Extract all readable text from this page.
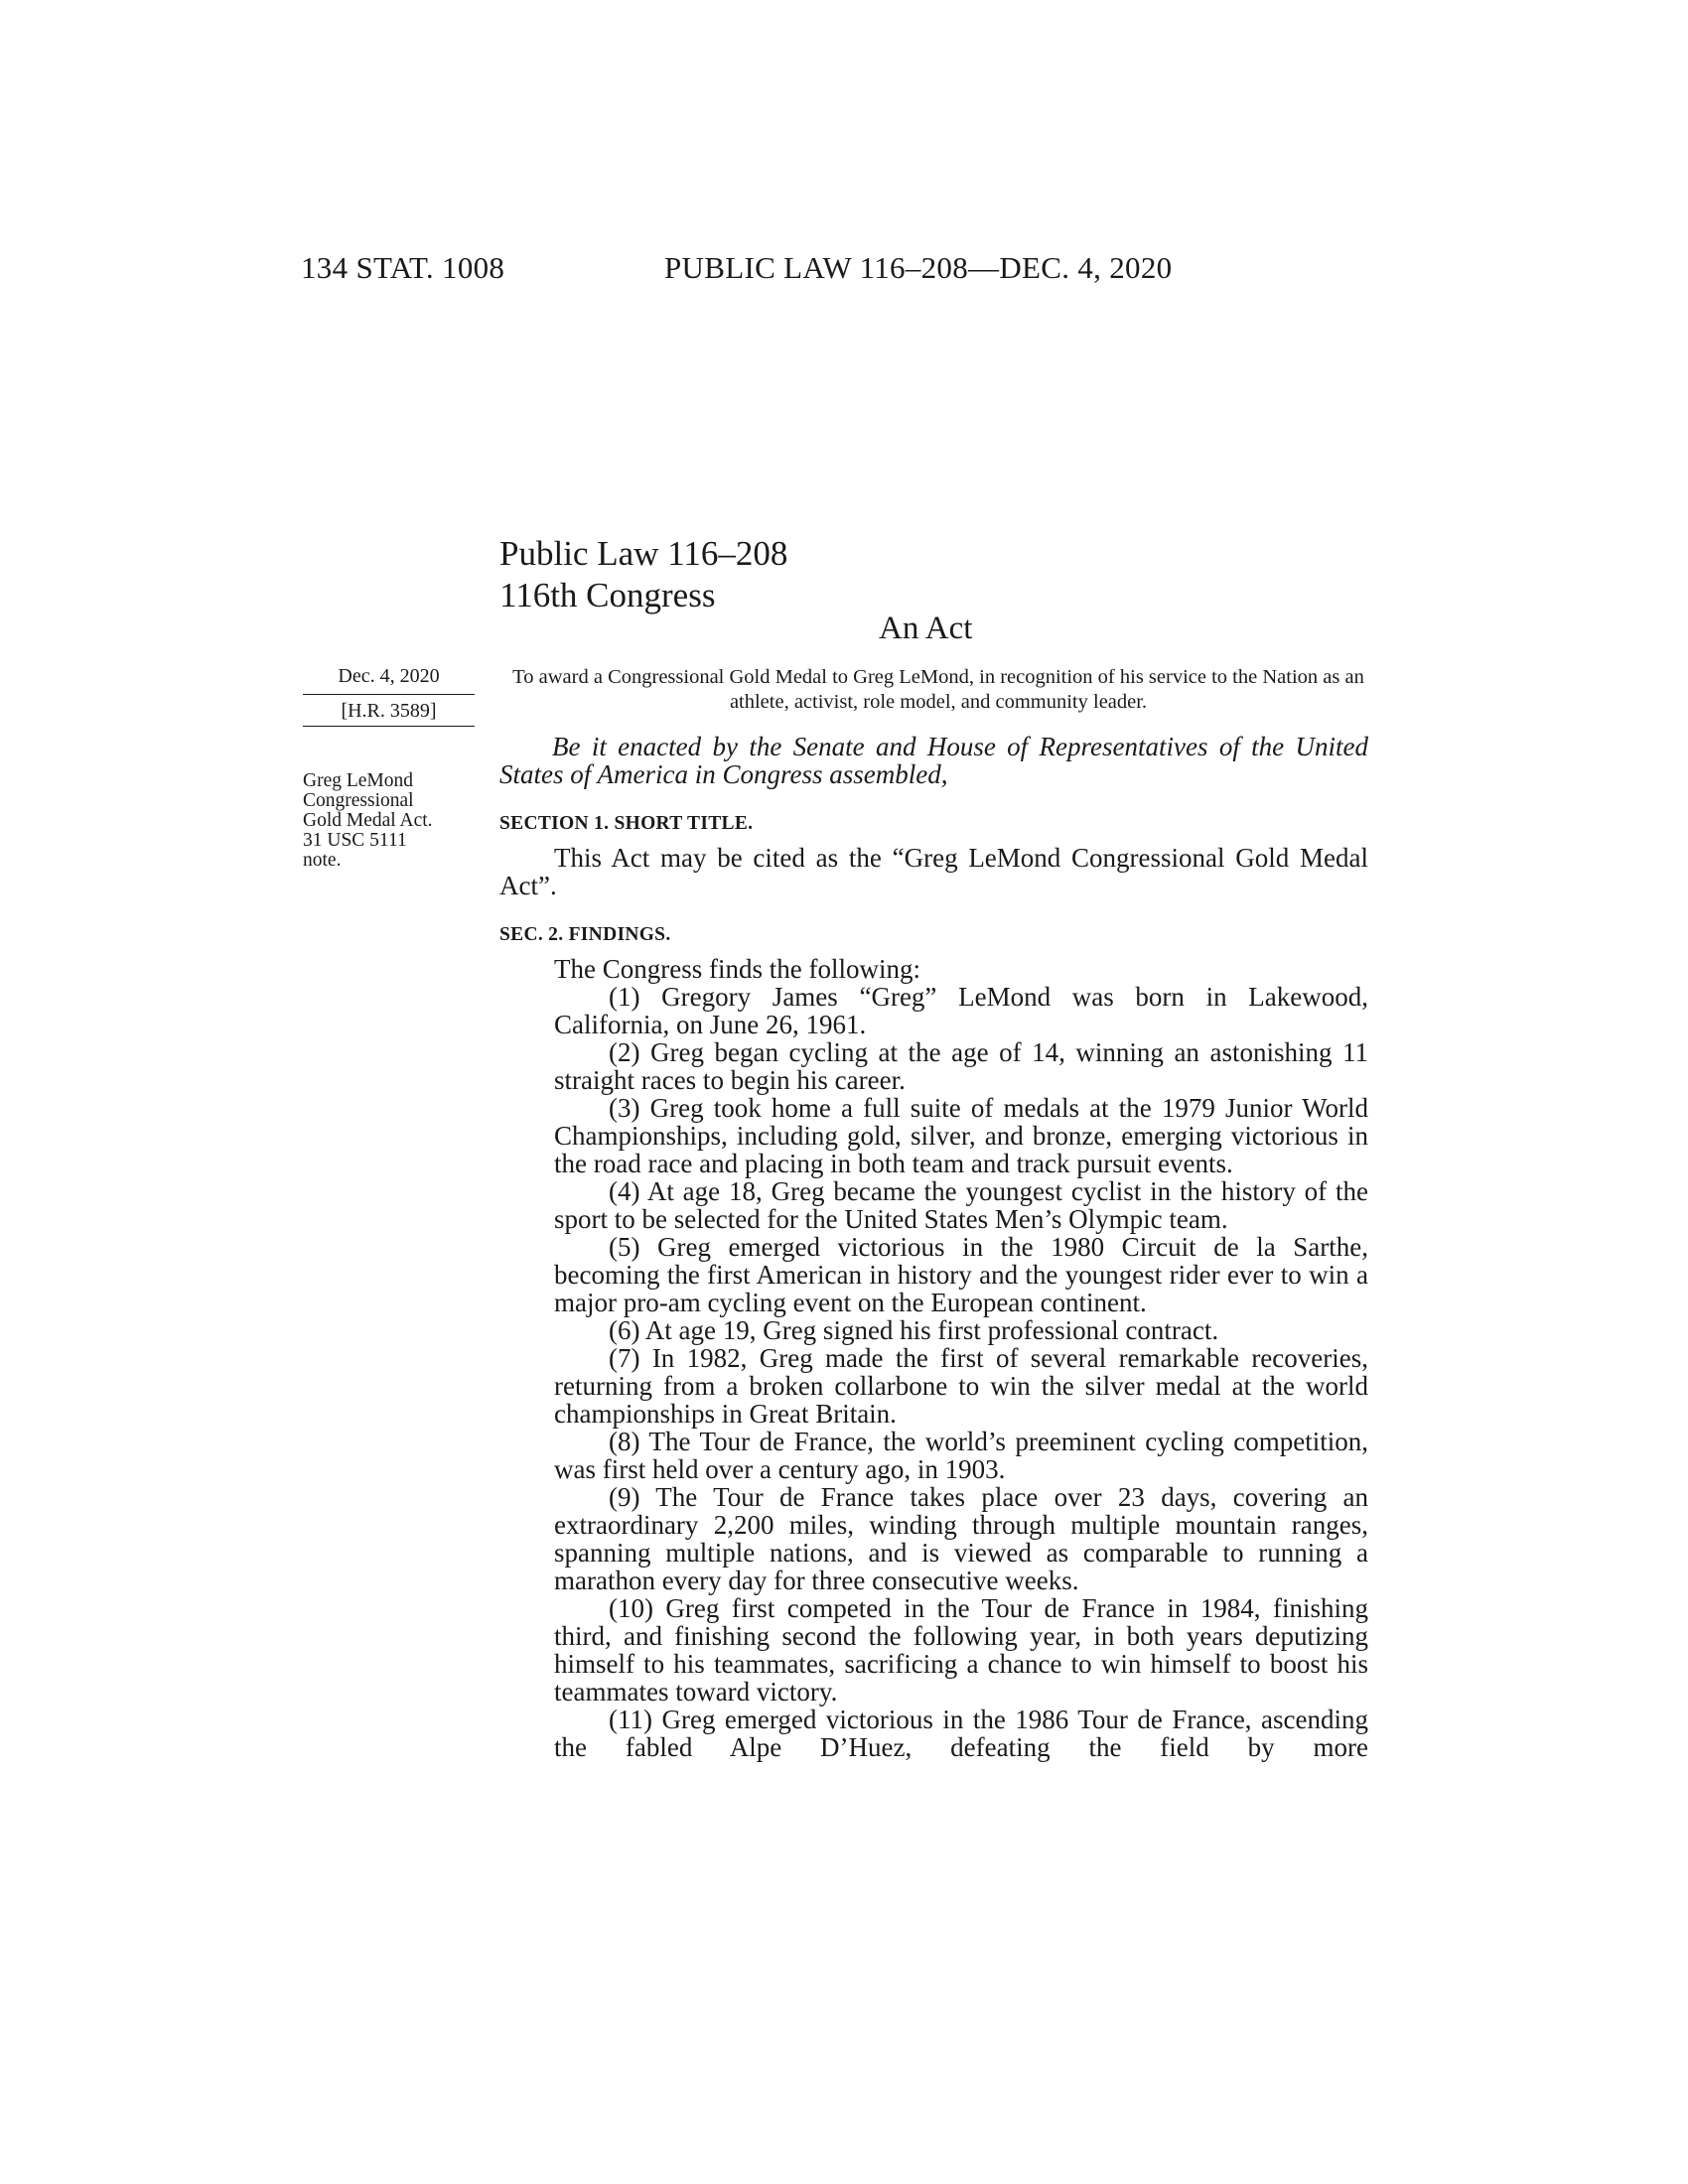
134 STAT. 1008	PUBLIC LAW 116–208—DEC. 4, 2020
Public Law 116–208
116th Congress
An Act
Dec. 4, 2020
[H.R. 3589]
To award a Congressional Gold Medal to Greg LeMond, in recognition of his service to the Nation as an athlete, activist, role model, and community leader.
Greg LeMond
Congressional
Gold Medal Act.
31 USC 5111
note.

Be it enacted by the Senate and House of Representatives of the United States of America in Congress assembled,

SECTION 1. SHORT TITLE.

This Act may be cited as the “Greg LeMond Congressional Gold Medal Act”.

SEC. 2. FINDINGS.

The Congress finds the following:

(1) Gregory James “Greg” LeMond was born in Lakewood, California, on June 26, 1961.

(2) Greg began cycling at the age of 14, winning an astonishing 11 straight races to begin his career.

(3) Greg took home a full suite of medals at the 1979 Junior World Championships, including gold, silver, and bronze, emerging victorious in the road race and placing in both team and track pursuit events.

(4) At age 18, Greg became the youngest cyclist in the history of the sport to be selected for the United States Men’s Olympic team.

(5) Greg emerged victorious in the 1980 Circuit de la Sarthe, becoming the first American in history and the youngest rider ever to win a major pro-am cycling event on the European continent.

(6) At age 19, Greg signed his first professional contract.

(7) In 1982, Greg made the first of several remarkable recoveries, returning from a broken collarbone to win the silver medal at the world championships in Great Britain.

(8) The Tour de France, the world’s preeminent cycling competition, was first held over a century ago, in 1903.

(9) The Tour de France takes place over 23 days, covering an extraordinary 2,200 miles, winding through multiple mountain ranges, spanning multiple nations, and is viewed as comparable to running a marathon every day for three consecutive weeks.

(10) Greg first competed in the Tour de France in 1984, finishing third, and finishing second the following year, in both years deputizing himself to his teammates, sacrificing a chance to win himself to boost his teammates toward victory.

(11) Greg emerged victorious in the 1986 Tour de France, ascending the fabled Alpe D’Huez, defeating the field by more
